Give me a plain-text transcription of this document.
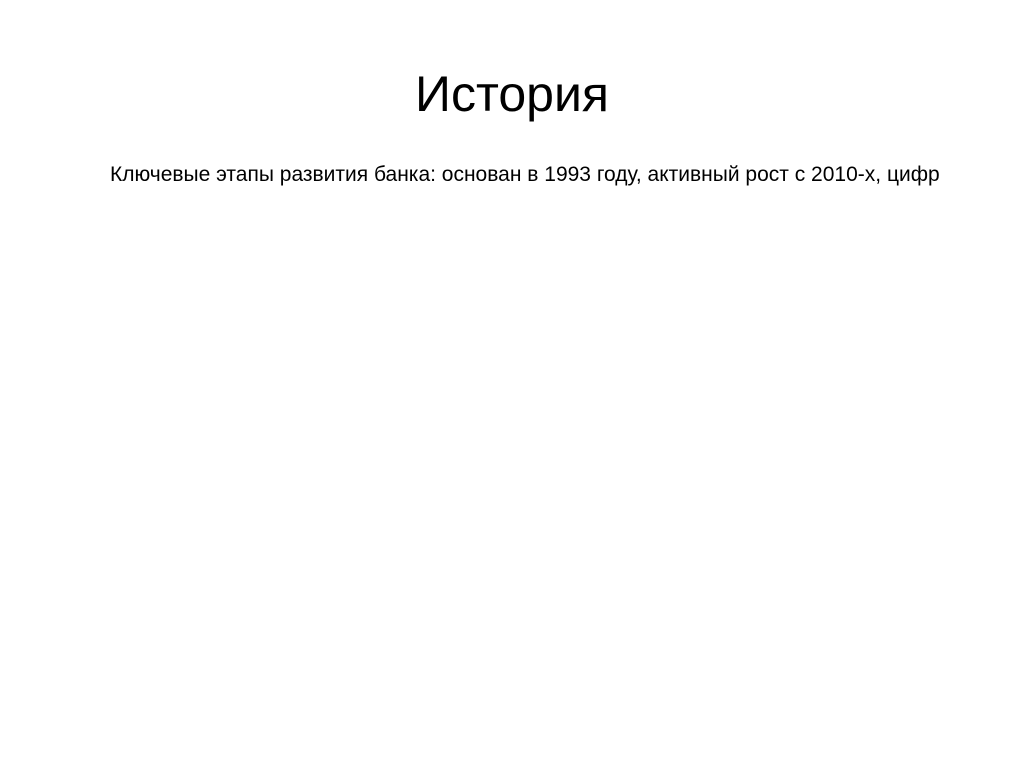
История

Ключевые этапы развития банка: основан в 1993 году, активный рост с 2010-х, цифр
